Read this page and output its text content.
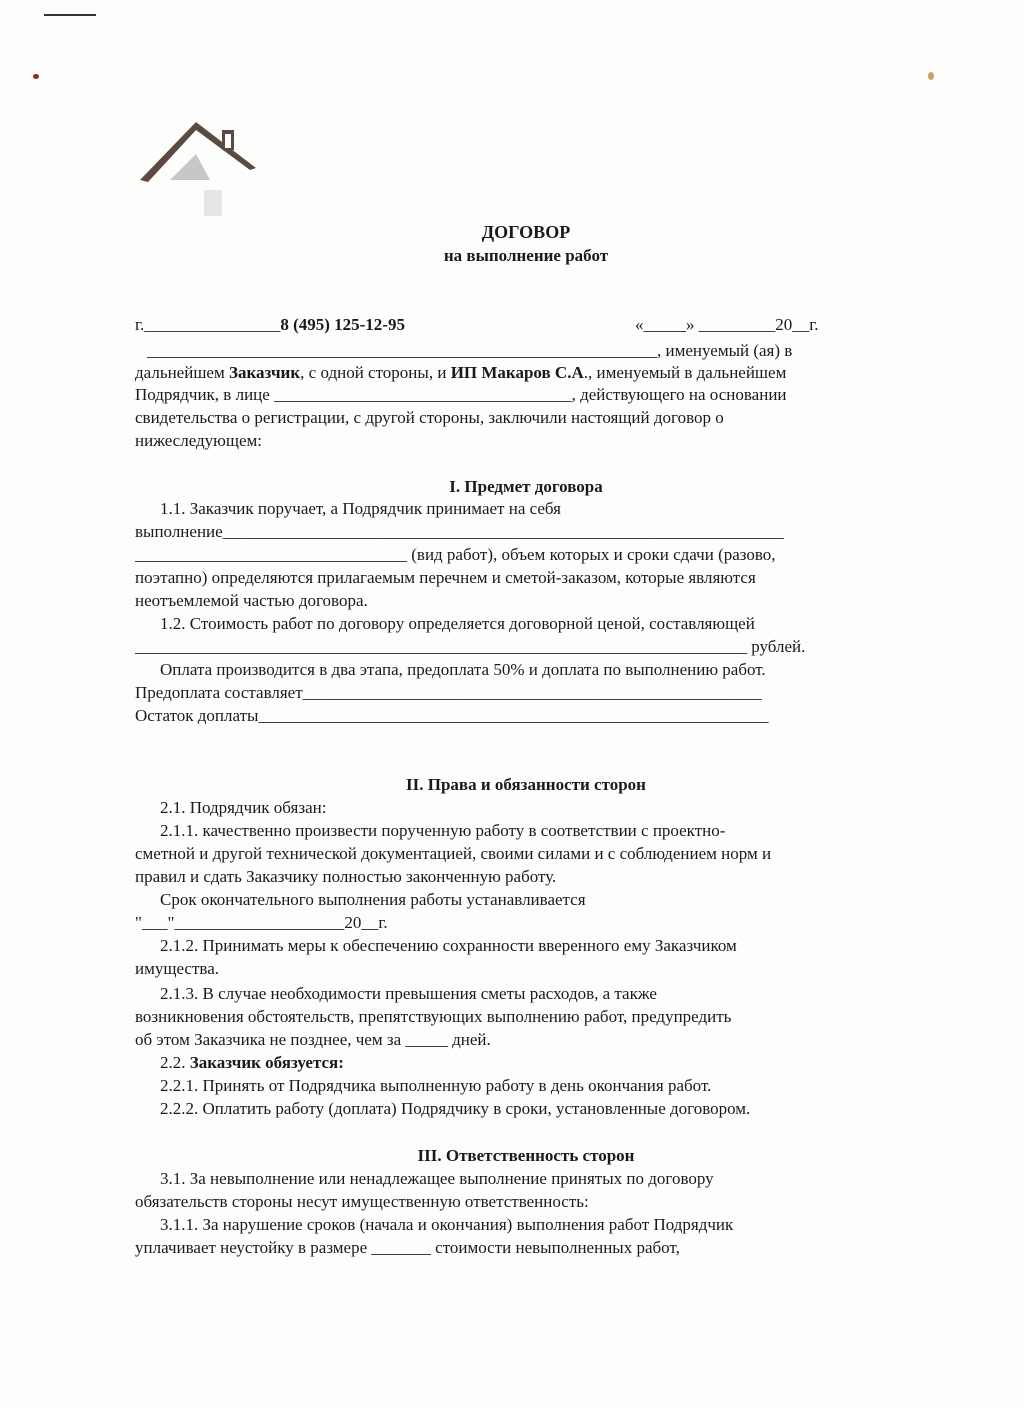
ДОГОВОР
на выполнение работ
г.________________8 (495) 125-12-95	«_____» _________20__г.
____________________________________________________________, именуемый (ая) в
дальнейшем Заказчик, с одной стороны, и ИП Макаров С.А., именуемый в дальнейшем
Подрядчик, в лице ___________________________________, действующего на основании
свидетельства о регистрации, с другой стороны, заключили настоящий договор о
нижеследующем:
I. Предмет договора
1.1. Заказчик поручает, а Подрядчик принимает на себя
выполнение__________________________________________________________________
________________________________ (вид работ), объем которых и сроки сдачи (разово,
поэтапно) определяются прилагаемым перечнем и сметой-заказом, которые являются
неотъемлемой частью договора.
1.2. Стоимость работ по договору определяется договорной ценой, составляющей
________________________________________________________________________ рублей.
Оплата производится в два этапа, предоплата 50% и доплата по выполнению работ.
Предоплата составляет______________________________________________________
Остаток доплаты____________________________________________________________
II. Права и обязанности сторон
2.1. Подрядчик обязан:
2.1.1. качественно произвести порученную работу в соответствии с проектно-
сметной и другой технической документацией, своими силами и с соблюдением норм и
правил и сдать Заказчику полностью законченную работу.
Срок окончательного выполнения работы устанавливается
"___"____________________20__г.
2.1.2. Принимать меры к обеспечению сохранности вверенного ему Заказчиком
имущества.
2.1.3. В случае необходимости превышения сметы расходов, а также
возникновения обстоятельств, препятствующих выполнению работ, предупредить
об этом Заказчика не позднее, чем за _____ дней.
2.2. Заказчик обязуется:
2.2.1. Принять от Подрядчика выполненную работу в день окончания работ.
2.2.2. Оплатить работу (доплата) Подрядчику в сроки, установленные договором.
III. Ответственность сторон
3.1. За невыполнение или ненадлежащее выполнение принятых по договору
обязательств стороны несут имущественную ответственность:
3.1.1. За нарушение сроков (начала и окончания) выполнения работ Подрядчик
уплачивает неустойку в размере _______ стоимости невыполненных работ,
